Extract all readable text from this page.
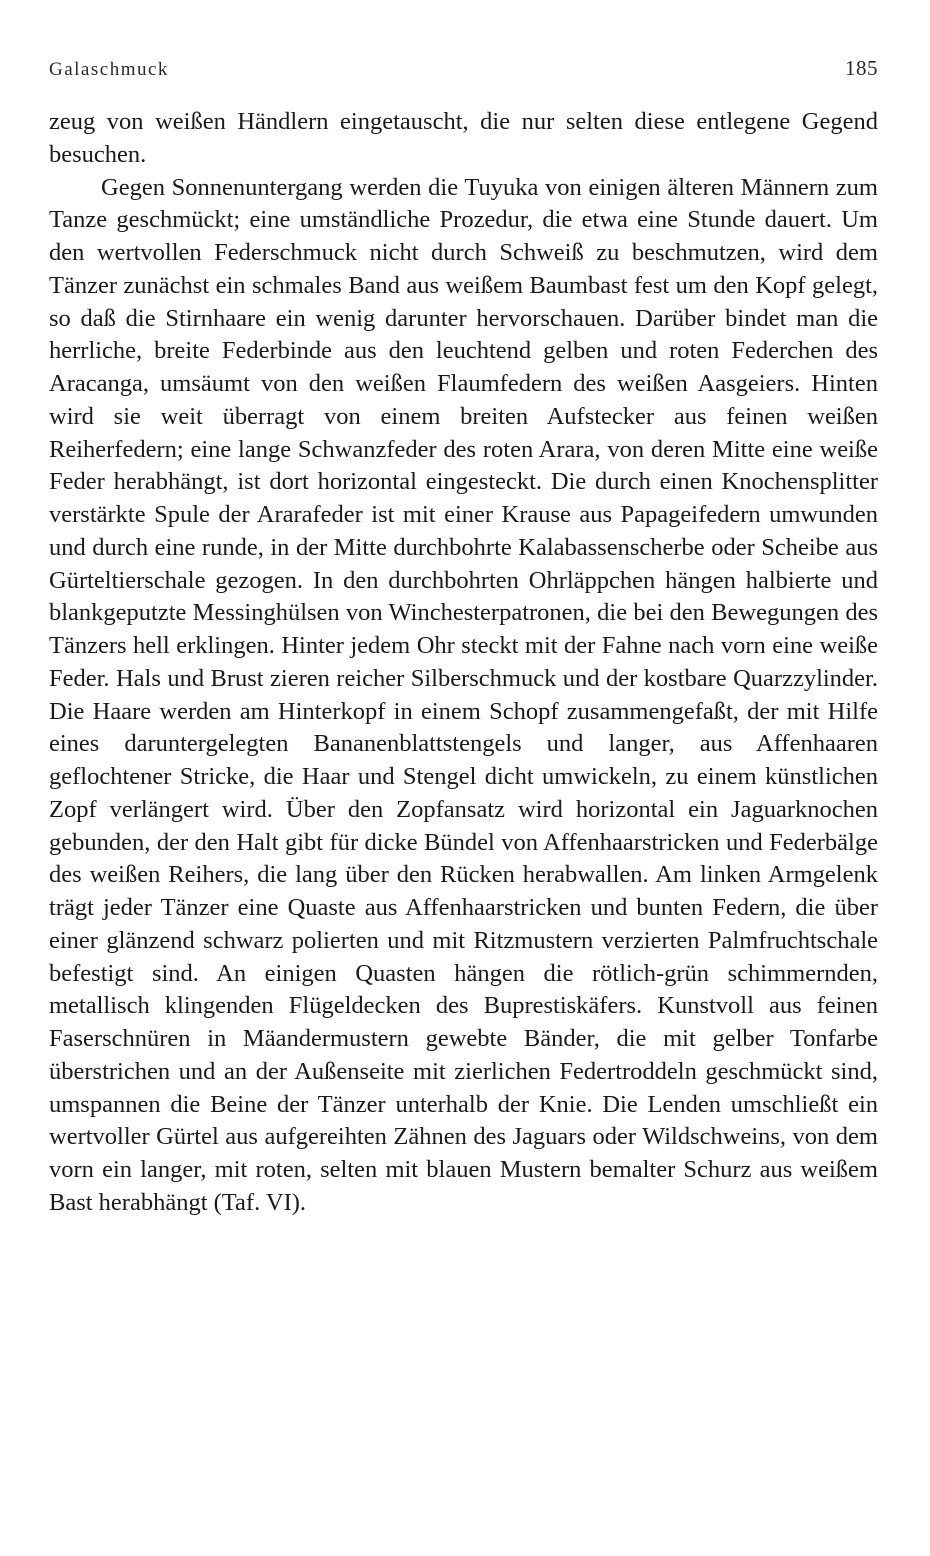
Galaschmuck	185

zeug von weißen Händlern eingetauscht, die nur selten diese entlegene Gegend besuchen.

Gegen Sonnenuntergang werden die Tuyuka von einigen älteren Männern zum Tanze geschmückt; eine umständliche Prozedur, die etwa eine Stunde dauert. Um den wertvollen Federschmuck nicht durch Schweiß zu beschmutzen, wird dem Tänzer zunächst ein schmales Band aus weißem Baumbast fest um den Kopf gelegt, so daß die Stirnhaare ein wenig darunter hervorschauen. Darüber bindet man die herrliche, breite Federbinde aus den leuchtend gelben und roten Federchen des Aracanga, umsäumt von den weißen Flaumfedern des weißen Aasgeiers. Hinten wird sie weit überragt von einem breiten Aufstecker aus feinen weißen Reiherfedern; eine lange Schwanzfeder des roten Arara, von deren Mitte eine weiße Feder herabhängt, ist dort horizontal eingesteckt. Die durch einen Knochensplitter verstärkte Spule der Ararafeder ist mit einer Krause aus Papageifedern umwunden und durch eine runde, in der Mitte durchbohrte Kalabassenscherbe oder Scheibe aus Gürteltierschale gezogen. In den durchbohrten Ohrläppchen hängen halbierte und blankgeputzte Messinghülsen von Winchesterpatronen, die bei den Bewegungen des Tänzers hell erklingen. Hinter jedem Ohr steckt mit der Fahne nach vorn eine weiße Feder. Hals und Brust zieren reicher Silberschmuck und der kostbare Quarzzylinder. Die Haare werden am Hinterkopf in einem Schopf zusammengefaßt, der mit Hilfe eines daruntergelegten Bananenblattstengels und langer, aus Affenhaaren geflochtener Stricke, die Haar und Stengel dicht umwickeln, zu einem künstlichen Zopf verlängert wird. Über den Zopfansatz wird horizontal ein Jaguarknochen gebunden, der den Halt gibt für dicke Bündel von Affenhaarstricken und Federbälge des weißen Reihers, die lang über den Rücken herabwallen. Am linken Armgelenk trägt jeder Tänzer eine Quaste aus Affenhaarstricken und bunten Federn, die über einer glänzend schwarz polierten und mit Ritzmustern verzierten Palmfruchtschale befestigt sind. An einigen Quasten hängen die rötlich-grün schimmernden, metallisch klingenden Flügeldecken des Buprestiskäfers. Kunstvoll aus feinen Faserschnüren in Mäandermustern gewebte Bänder, die mit gelber Tonfarbe überstrichen und an der Außenseite mit zierlichen Federtroddeln geschmückt sind, umspannen die Beine der Tänzer unterhalb der Knie. Die Lenden umschließt ein wertvoller Gürtel aus aufgereihten Zähnen des Jaguars oder Wildschweins, von dem vorn ein langer, mit roten, selten mit blauen Mustern bemalter Schurz aus weißem Bast herabhängt (Taf. VI).
